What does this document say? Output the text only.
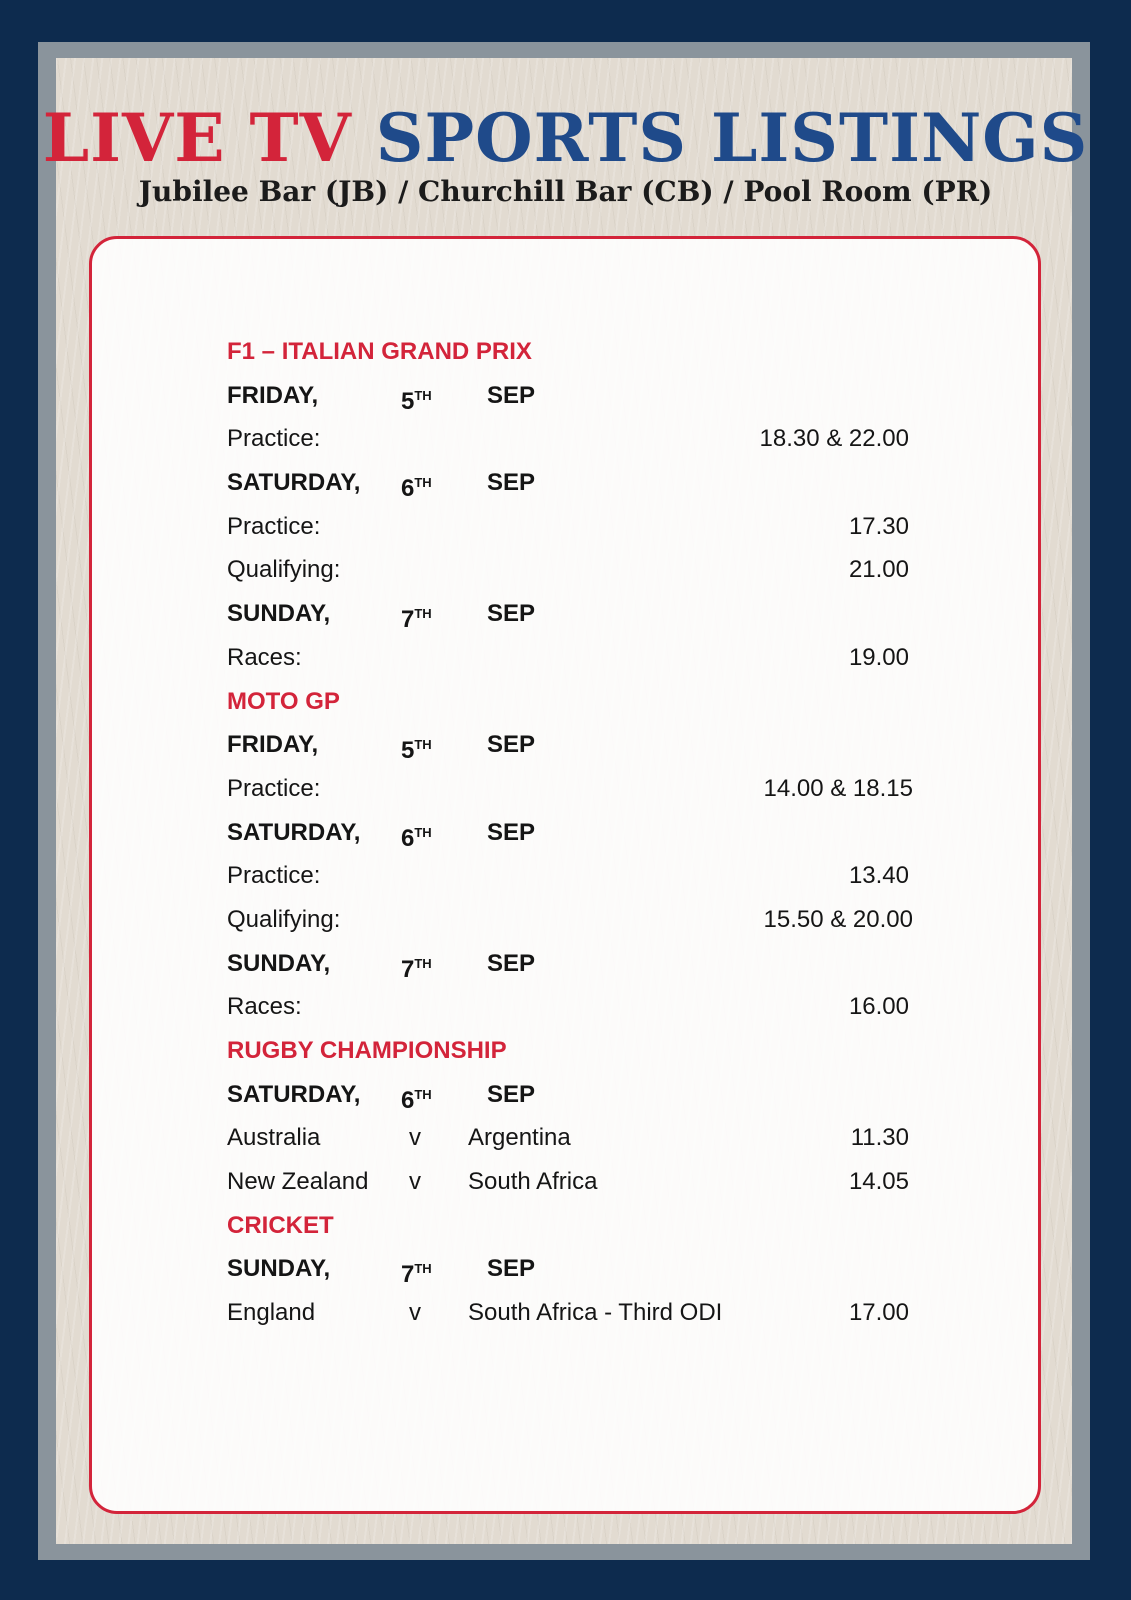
LIVE TV SPORTS LISTINGS
Jubilee Bar (JB) / Churchill Bar (CB) / Pool Room (PR)
F1 – ITALIAN GRAND PRIX
FRIDAY,	5TH SEP
Practice:	18.30 & 22.00
SATURDAY, 6TH SEP
Practice:	17.30
Qualifying:	21.00
SUNDAY,	7TH SEP
Races:	19.00
MOTO GP
FRIDAY,	5TH SEP
Practice:	14.00 & 18.15
SATURDAY, 6TH SEP
Practice:	13.40
Qualifying:	15.50 & 20.00
SUNDAY,	7TH SEP
Races:	16.00
RUGBY CHAMPIONSHIP
SATURDAY, 6TH SEP
Australia	v Argentina	11.30
New Zealand v South Africa	14.05
CRICKET
SUNDAY,	7TH SEP
England	v South Africa - Third ODI	17.00
